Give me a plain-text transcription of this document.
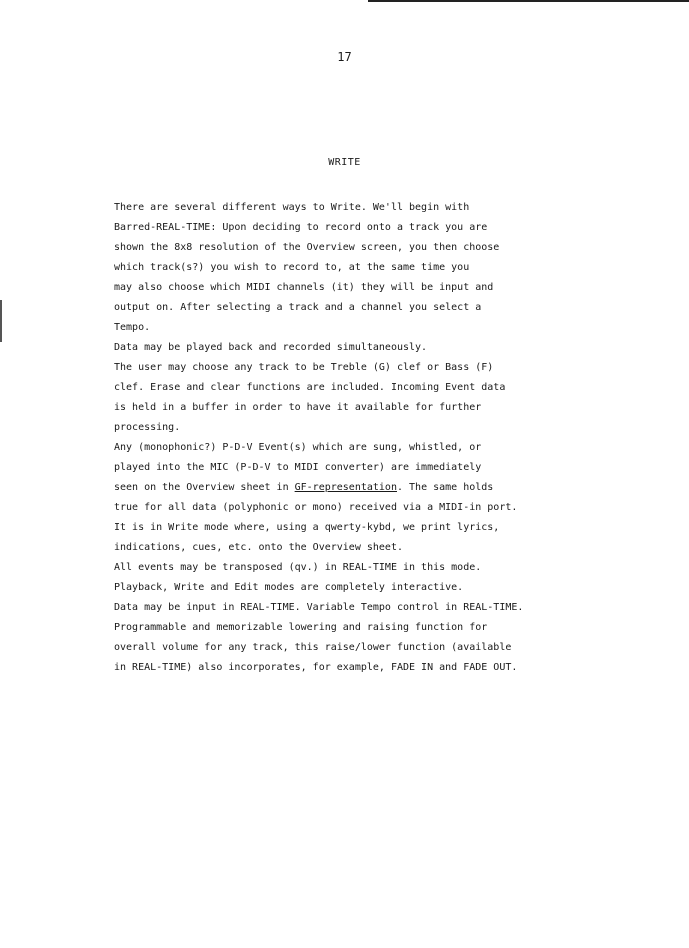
17
WRITE
There are several different ways to Write. We'll begin with
Barred-REAL-TIME: Upon deciding to record onto a track you are
shown the 8x8 resolution of the Overview screen, you then choose
which track(s?) you wish to record to, at the same time you
may also choose which MIDI channels (it) they will be input and
output on. After selecting a track and a channel you select a
Tempo.
Data may be played back and recorded simultaneously.
The user may choose any track to be Treble (G) clef or Bass (F)
clef. Erase and clear functions are included. Incoming Event data
is held in a buffer in order to have it available for further
processing.
Any (monophonic?) P-D-V Event(s) which are sung, whistled, or
played into the MIC (P-D-V to MIDI converter) are immediately
seen on the Overview sheet in GF-representation. The same holds
true for all data (polyphonic or mono) received via a MIDI-in port.
It is in Write mode where, using a qwerty-kybd, we print lyrics,
indications, cues, etc. onto the Overview sheet.
All events may be transposed (qv.) in REAL-TIME in this mode.
Playback, Write and Edit modes are completely interactive.
Data may be input in REAL-TIME. Variable Tempo control in REAL-TIME.
Programmable and memorizable lowering and raising function for
overall volume for any track, this raise/lower function (available
in REAL-TIME) also incorporates, for example, FADE IN and FADE OUT.
